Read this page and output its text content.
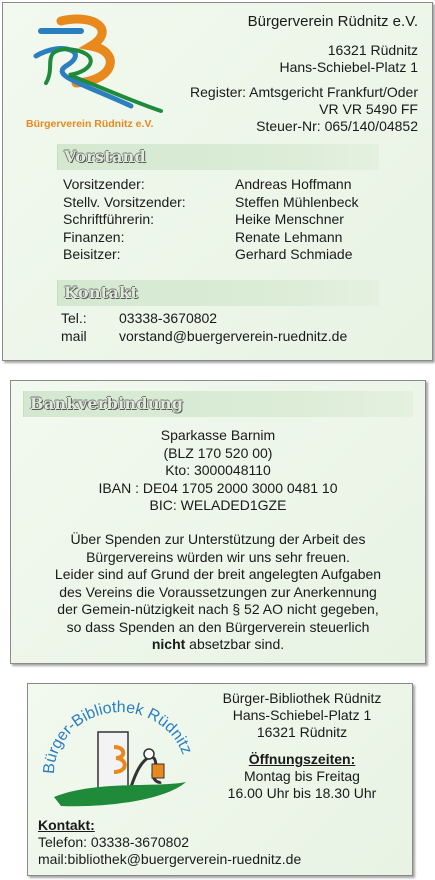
Bürgerverein Rüdnitz e.V.
Bürgerverein Rüdnitz e.V.
16321 Rüdnitz
Hans-Schiebel-Platz 1
Register: Amtsgericht Frankfurt/Oder
VR VR 5490 FF
Steuer-Nr: 065/140/04852
Vorstand
Vorsitzender:	Andreas Hoffmann
Stellv. Vorsitzender:	Steffen Mühlenbeck
Schriftführerin:	Heike Menschner
Finanzen:	Renate Lehmann
Beisitzer:	Gerhard Schmiade
Kontakt
Tel.:	03338-3670802
mail	vorstand@buergerverein-ruednitz.de
Bankverbindung
Sparkasse Barnim
(BLZ 170 520 00)
Kto: 3000048110
IBAN : DE04 1705 2000 3000 0481 10
BIC: WELADED1GZE
Über Spenden zur Unterstützung der Arbeit des
Bürgervereins würden wir uns sehr freuen.
Leider sind auf Grund der breit angelegten Aufgaben
des Vereins die Voraussetzungen zur Anerkennung
der Gemein-nützigkeit nach § 52 AO nicht gegeben,
so dass Spenden an den Bürgerverein steuerlich
nicht absetzbar sind.
Bürger-Bibliothek Rüdnitz
Bürger-Bibliothek Rüdnitz
Hans-Schiebel-Platz 1
16321 Rüdnitz
Öffnungszeiten:
Montag bis Freitag
16.00 Uhr bis 18.30 Uhr
Kontakt:
Telefon: 03338-3670802
mail:bibliothek@buergerverein-ruednitz.de
